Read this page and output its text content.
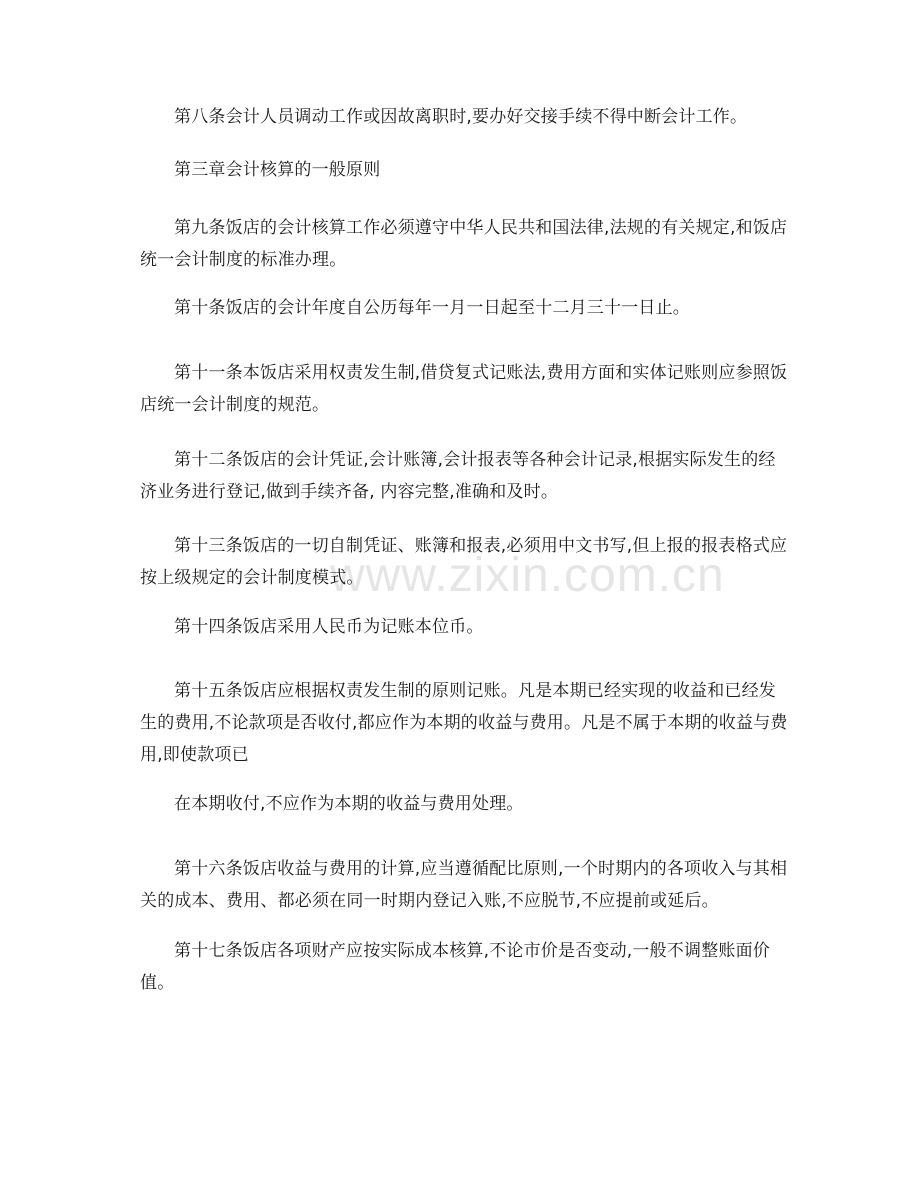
第八条会计人员调动工作或因故离职时,要办好交接手续不得中断会计工作。

第三章会计核算的一般原则

第九条饭店的会计核算工作必须遵守中华人民共和国法律,法规的有关规定,和饭店统一会计制度的标准办理。

第十条饭店的会计年度自公历每年一月一日起至十二月三十一日止。

第十一条本饭店采用权责发生制,借贷复式记账法,费用方面和实体记账则应参照饭店统一会计制度的规范。

第十二条饭店的会计凭证,会计账簿,会计报表等各种会计记录,根据实际发生的经济业务进行登记,做到手续齐备, 内容完整,准确和及时。

第十三条饭店的一切自制凭证、账簿和报表,必须用中文书写,但上报的报表格式应按上级规定的会计制度模式。

第十四条饭店采用人民币为记账本位币。

第十五条饭店应根据权责发生制的原则记账。凡是本期已经实现的收益和已经发生的费用,不论款项是否收付,都应作为本期的收益与费用。凡是不属于本期的收益与费用,即使款项已

在本期收付,不应作为本期的收益与费用处理。

第十六条饭店收益与费用的计算,应当遵循配比原则,一个时期内的各项收入与其相关的成本、费用、都必须在同一时期内登记入账,不应脱节,不应提前或延后。

第十七条饭店各项财产应按实际成本核算,不论市价是否变动,一般不调整账面价值。

www.zixin.com.cn
